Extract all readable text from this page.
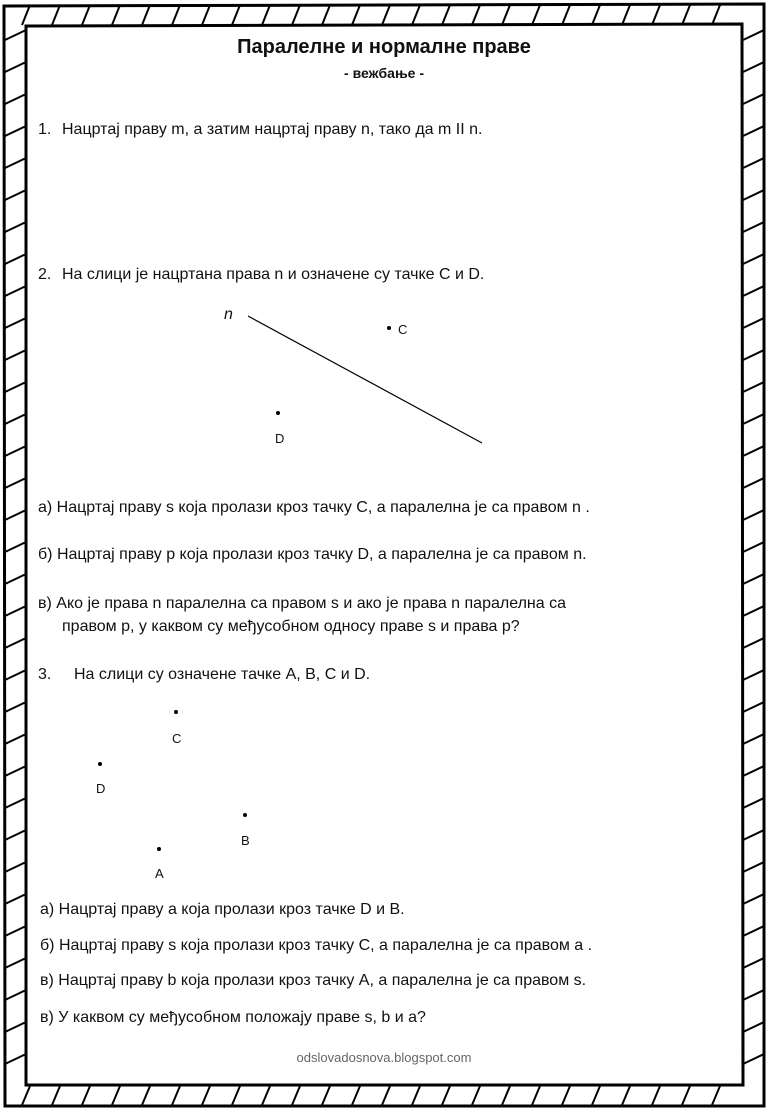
Паралелне и нормалне праве
- вежбање -
1. Нацртај праву m, а затим нацртај праву n, тако да m II n.
2. На слици је нацртана права n и означене су тачке C и D.
n
C
D
а) Нацртај праву s која пролази кроз тачку C, а паралелна је са правом n .
б) Нацртај праву p која пролази кроз тачку D, а паралелна је са правом n.
в) Ако је права n паралелна са правом s и ако је права n паралелна са
правом p, у каквом су међусобном односу праве s и права p?
3. На слици су означене тачке A, B, C и D.
C
D
B
A
а) Нацртај праву a која пролази кроз тачке D и B.
б) Нацртај праву s која пролази кроз тачку C, а паралелна је са правом a .
в) Нацртај праву b која пролази кроз тачку A, а паралелна је са правом s.
в) У каквом су међусобном положају праве s, b и a?
odslovadosnova.blogspot.com
